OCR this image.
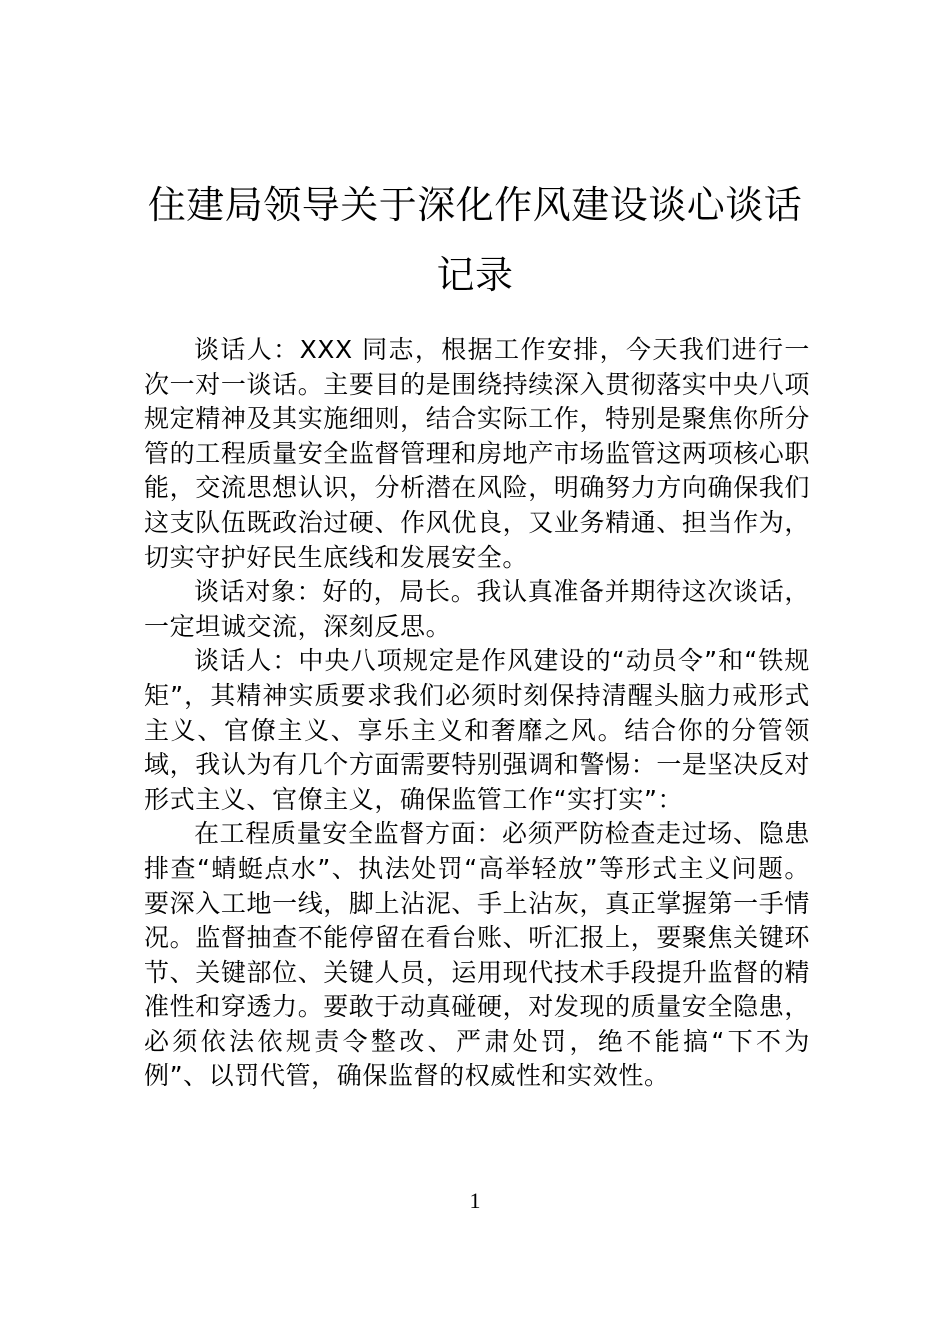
住建局领导关于深化作风建设谈心谈话记录

谈话人：XXX 同志，根据工作安排，今天我们进行一次一对一谈话。主要目的是围绕持续深入贯彻落实中央八项规定精神及其实施细则，结合实际工作，特别是聚焦你所分管的工程质量安全监督管理和房地产市场监管这两项核心职能，交流思想认识，分析潜在风险，明确努力方向确保我们这支队伍既政治过硬、作风优良，又业务精通、担当作为，切实守护好民生底线和发展安全。

谈话对象：好的，局长。我认真准备并期待这次谈话，一定坦诚交流，深刻反思。

谈话人：中央八项规定是作风建设的“动员令”和“铁规矩”，其精神实质要求我们必须时刻保持清醒头脑力戒形式主义、官僚主义、享乐主义和奢靡之风。结合你的分管领域，我认为有几个方面需要特别强调和警惕：一是坚决反对形式主义、官僚主义，确保监管工作“实打实”：

在工程质量安全监督方面：必须严防检查走过场、隐患排查“蜻蜓点水”、执法处罚“高举轻放”等形式主义问题。要深入工地一线，脚上沾泥、手上沾灰，真正掌握第一手情况。监督抽查不能停留在看台账、听汇报上，要聚焦关键环节、关键部位、关键人员，运用现代技术手段提升监督的精准性和穿透力。要敢于动真碰硬，对发现的质量安全隐患，必须依法依规责令整改、严肃处罚，绝不能搞“下不为例”、以罚代管，确保监督的权威性和实效性。

1
